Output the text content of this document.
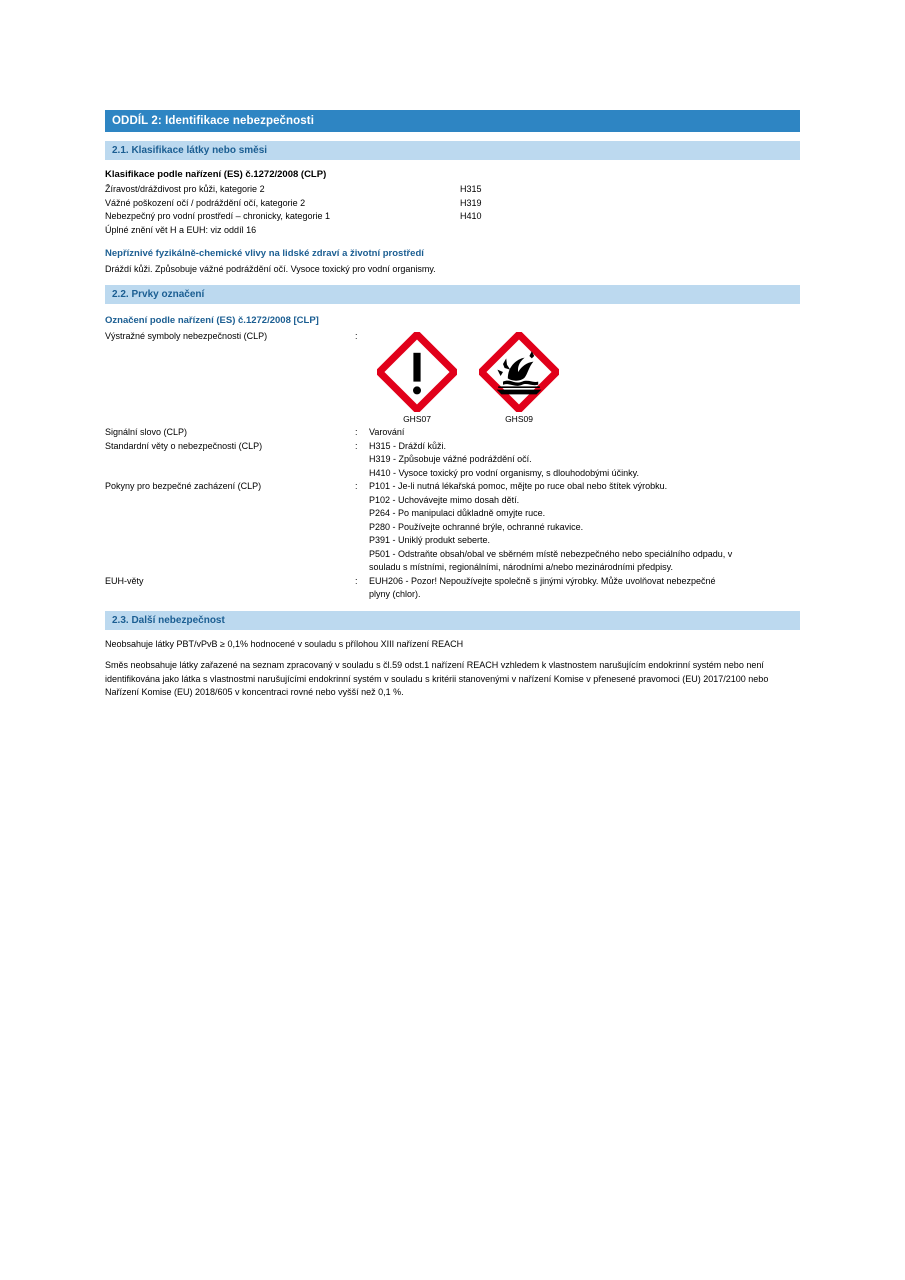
ODDÍL 2: Identifikace nebezpečnosti
2.1. Klasifikace látky nebo směsi
Klasifikace podle nařízení (ES) č.1272/2008 (CLP)
Žíravost/dráždivost pro kůži, kategorie 2	H315
Vážné poškození očí / podráždění očí, kategorie 2	H319
Nebezpečný pro vodní prostředí – chronicky, kategorie 1	H410
Úplné znění vět H a EUH: viz oddíl 16
Nepříznivé fyzikálně-chemické vlivy na lidské zdraví a životní prostředí
Dráždí kůži. Způsobuje vážné podráždění očí. Vysoce toxický pro vodní organismy.
2.2. Prvky označení
Označení podle nařízení (ES) č.1272/2008 [CLP]
Výstražné symboly nebezpečnosti (CLP)	:
GHS07	GHS09
Signální slovo (CLP)	:	Varování
Standardní věty o nebezpečnosti (CLP)	:	H315 - Dráždí kůži.
H319 - Způsobuje vážné podráždění očí.
H410 - Vysoce toxický pro vodní organismy, s dlouhodobými účinky.
Pokyny pro bezpečné zacházení (CLP)	:	P101 - Je-li nutná lékařská pomoc, mějte po ruce obal nebo štítek výrobku.
P102 - Uchovávejte mimo dosah dětí.
P264 - Po manipulaci důkladně omyjte ruce.
P280 - Používejte ochranné brýle, ochranné rukavice.
P391 - Uniklý produkt seberte.
P501 - Odstraňte obsah/obal ve sběrném místě nebezpečného nebo speciálního odpadu, v
souladu s místními, regionálními, národními a/nebo mezinárodními předpisy.
EUH-věty	:	EUH206 - Pozor! Nepoužívejte společně s jinými výrobky. Může uvolňovat nebezpečné
plyny (chlor).
2.3. Další nebezpečnost
Neobsahuje látky PBT/vPvB ≥ 0,1% hodnocené v souladu s přílohou XIII nařízení REACH
Směs neobsahuje látky zařazené na seznam zpracovaný v souladu s čl.59 odst.1 nařízení REACH vzhledem k vlastnostem narušujícím endokrinní systém nebo není identifikována jako látka s vlastnostmi narušujícími endokrinní systém v souladu s kritérii stanovenými v nařízení Komise v přenesené pravomoci (EU) 2017/2100 nebo Nařízení Komise (EU) 2018/605 v koncentraci rovné nebo vyšší než 0,1 %.
